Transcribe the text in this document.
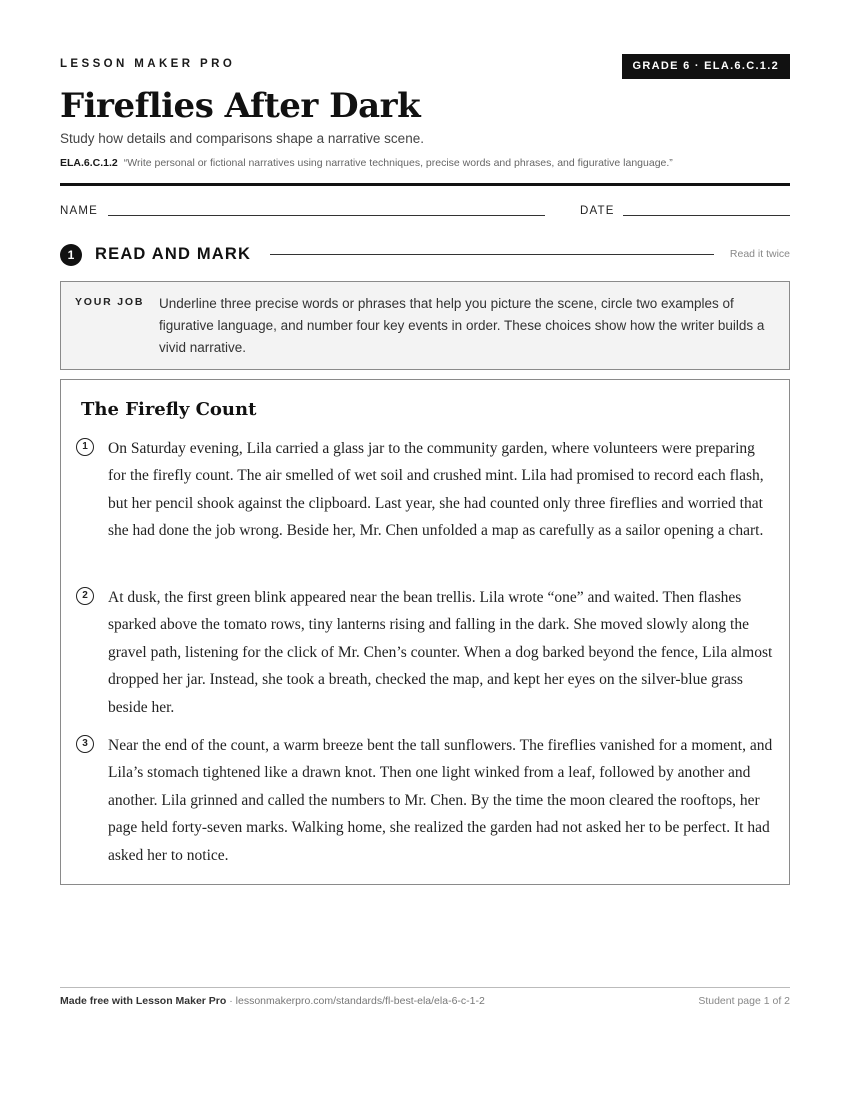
LESSON MAKER PRO	GRADE 6 · ELA.6.C.1.2
Fireflies After Dark
Study how details and comparisons shape a narrative scene.
ELA.6.C.1.2 “Write personal or fictional narratives using narrative techniques, precise words and phrases, and figurative language.”
NAME	DATE
1	READ AND MARK	Read it twice
YOUR JOB Underline three precise words or phrases that help you picture the scene, circle two examples of figurative language, and number four key events in order. These choices show how the writer builds a vivid narrative.
The Firefly Count
1	On Saturday evening, Lila carried a glass jar to the community garden, where volunteers were preparing for the firefly count. The air smelled of wet soil and crushed mint. Lila had promised to record each flash, but her pencil shook against the clipboard. Last year, she had counted only three fireflies and worried that she had done the job wrong. Beside her, Mr. Chen unfolded a map as carefully as a sailor opening a chart.

2	At dusk, the first green blink appeared near the bean trellis. Lila wrote “one” and waited. Then flashes sparked above the tomato rows, tiny lanterns rising and falling in the dark. She moved slowly along the gravel path, listening for the click of Mr. Chen’s counter. When a dog barked beyond the fence, Lila almost dropped her jar. Instead, she took a breath, checked the map, and kept her eyes on the silver-blue grass beside her.

3	Near the end of the count, a warm breeze bent the tall sunflowers. The fireflies vanished for a moment, and Lila’s stomach tightened like a drawn knot. Then one light winked from a leaf, followed by another and another. Lila grinned and called the numbers to Mr. Chen. By the time the moon cleared the rooftops, her page held forty-seven marks. Walking home, she realized the garden had not asked her to be perfect. It had asked her to notice.

Made free with Lesson Maker Pro · lessonmakerpro.com/standards/fl-best-ela/ela-6-c-1-2	Student page 1 of 2
